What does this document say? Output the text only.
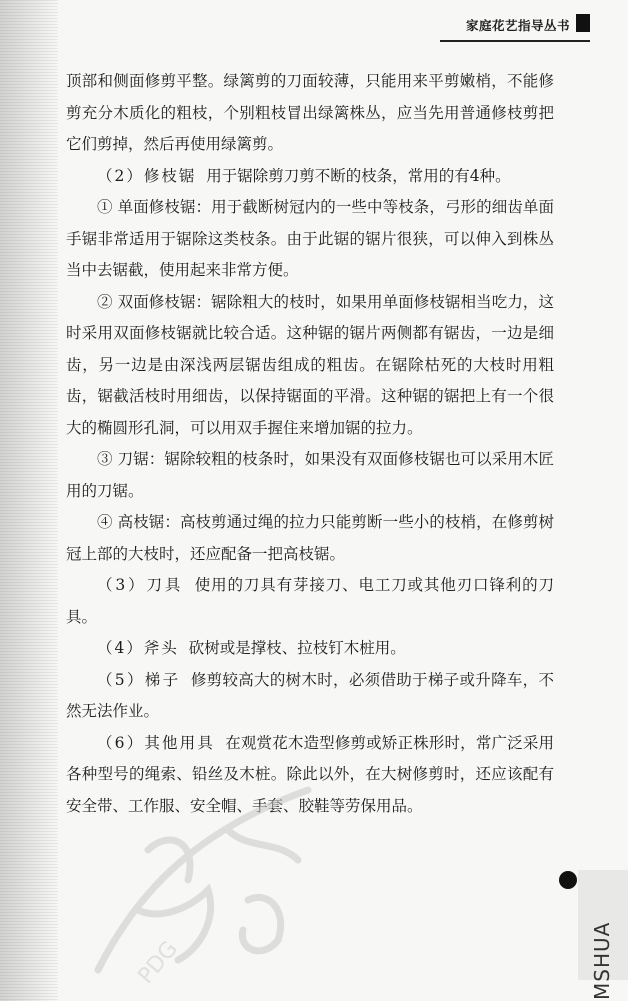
家庭花艺指导丛书

顶部和侧面修剪平整。绿篱剪的刀面较薄，只能用来平剪嫩梢，不能修剪充分木质化的粗枝，个别粗枝冒出绿篱株丛，应当先用普通修枝剪把它们剪掉，然后再使用绿篱剪。

（2）修枝锯 用于锯除剪刀剪不断的枝条，常用的有4种。

① 单面修枝锯：用于截断树冠内的一些中等枝条，弓形的细齿单面手锯非常适用于锯除这类枝条。由于此锯的锯片很狭，可以伸入到株丛当中去锯截，使用起来非常方便。

② 双面修枝锯：锯除粗大的枝时，如果用单面修枝锯相当吃力，这时采用双面修枝锯就比较合适。这种锯的锯片两侧都有锯齿，一边是细齿，另一边是由深浅两层锯齿组成的粗齿。在锯除枯死的大枝时用粗齿，锯截活枝时用细齿，以保持锯面的平滑。这种锯的锯把上有一个很大的椭圆形孔洞，可以用双手握住来增加锯的拉力。

③ 刀锯：锯除较粗的枝条时，如果没有双面修枝锯也可以采用木匠用的刀锯。

④ 高枝锯：高枝剪通过绳的拉力只能剪断一些小的枝梢，在修剪树冠上部的大枝时，还应配备一把高枝锯。

（3）刀具 使用的刀具有芽接刀、电工刀或其他刃口锋利的刀具。

（4）斧头 砍树或是撑枝、拉枝钉木桩用。

（5）梯子 修剪较高大的树木时，必须借助于梯子或升降车，不然无法作业。

（6）其他用具 在观赏花木造型修剪或矫正株形时，常广泛采用各种型号的绳索、铅丝及木桩。除此以外，在大树修剪时，还应该配有安全带、工作服、安全帽、手套、胶鞋等劳保用品。

PDG	MSHUA
